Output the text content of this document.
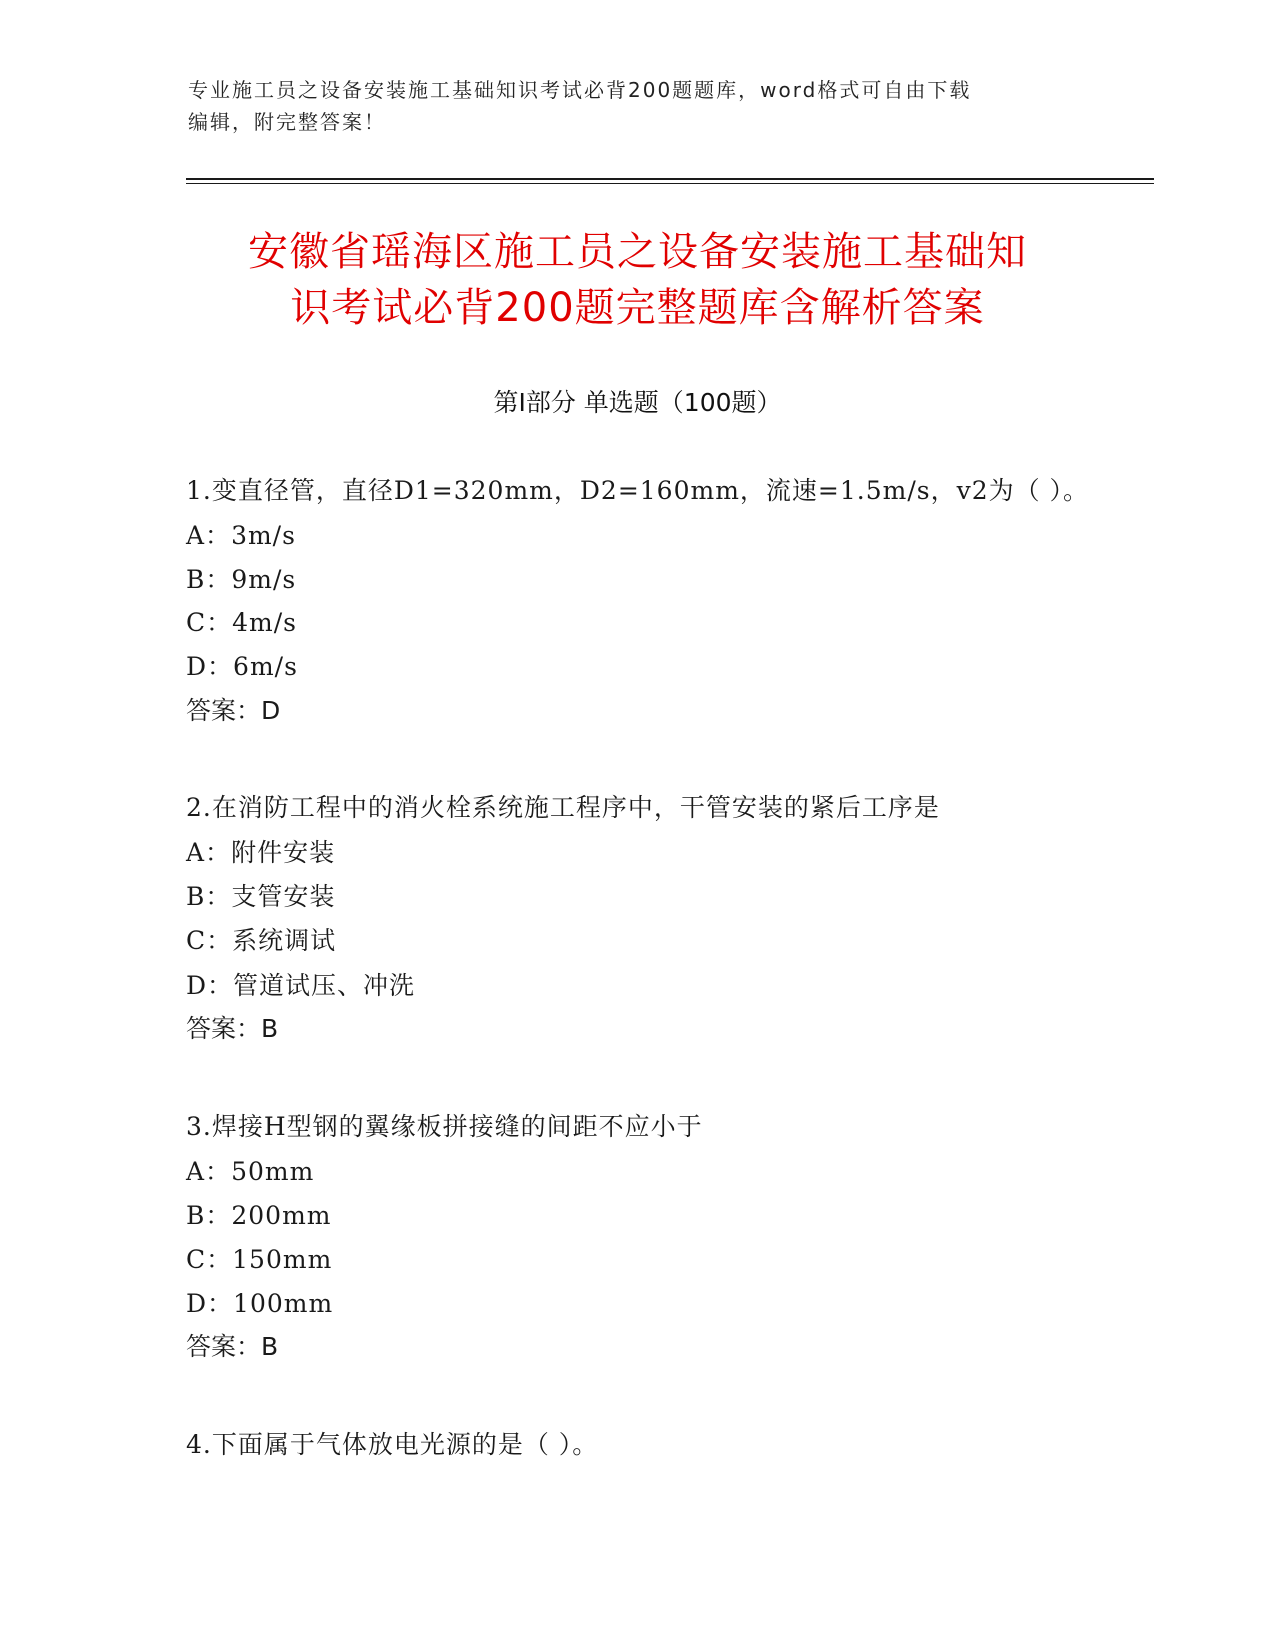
专业施工员之设备安装施工基础知识考试必背200题题库，word格式可自由下载
编辑，附完整答案！
安徽省瑶海区施工员之设备安装施工基础知
识考试必背200题完整题库含解析答案
第Ⅰ部分 单选题（100题）
1.变直径管，直径D1=320mm，D2=160mm，流速=1.5m/s，v2为（ ）。
A：3m/s
B：9m/s
C：4m/s
D：6m/s
答案：D
2.在消防工程中的消火栓系统施工程序中，干管安装的紧后工序是
A：附件安装
B：支管安装
C：系统调试
D：管道试压、冲洗
答案：B
3.焊接H型钢的翼缘板拼接缝的间距不应小于
A：50mm
B：200mm
C：150mm
D：100mm
答案：B
4.下面属于气体放电光源的是（ ）。
